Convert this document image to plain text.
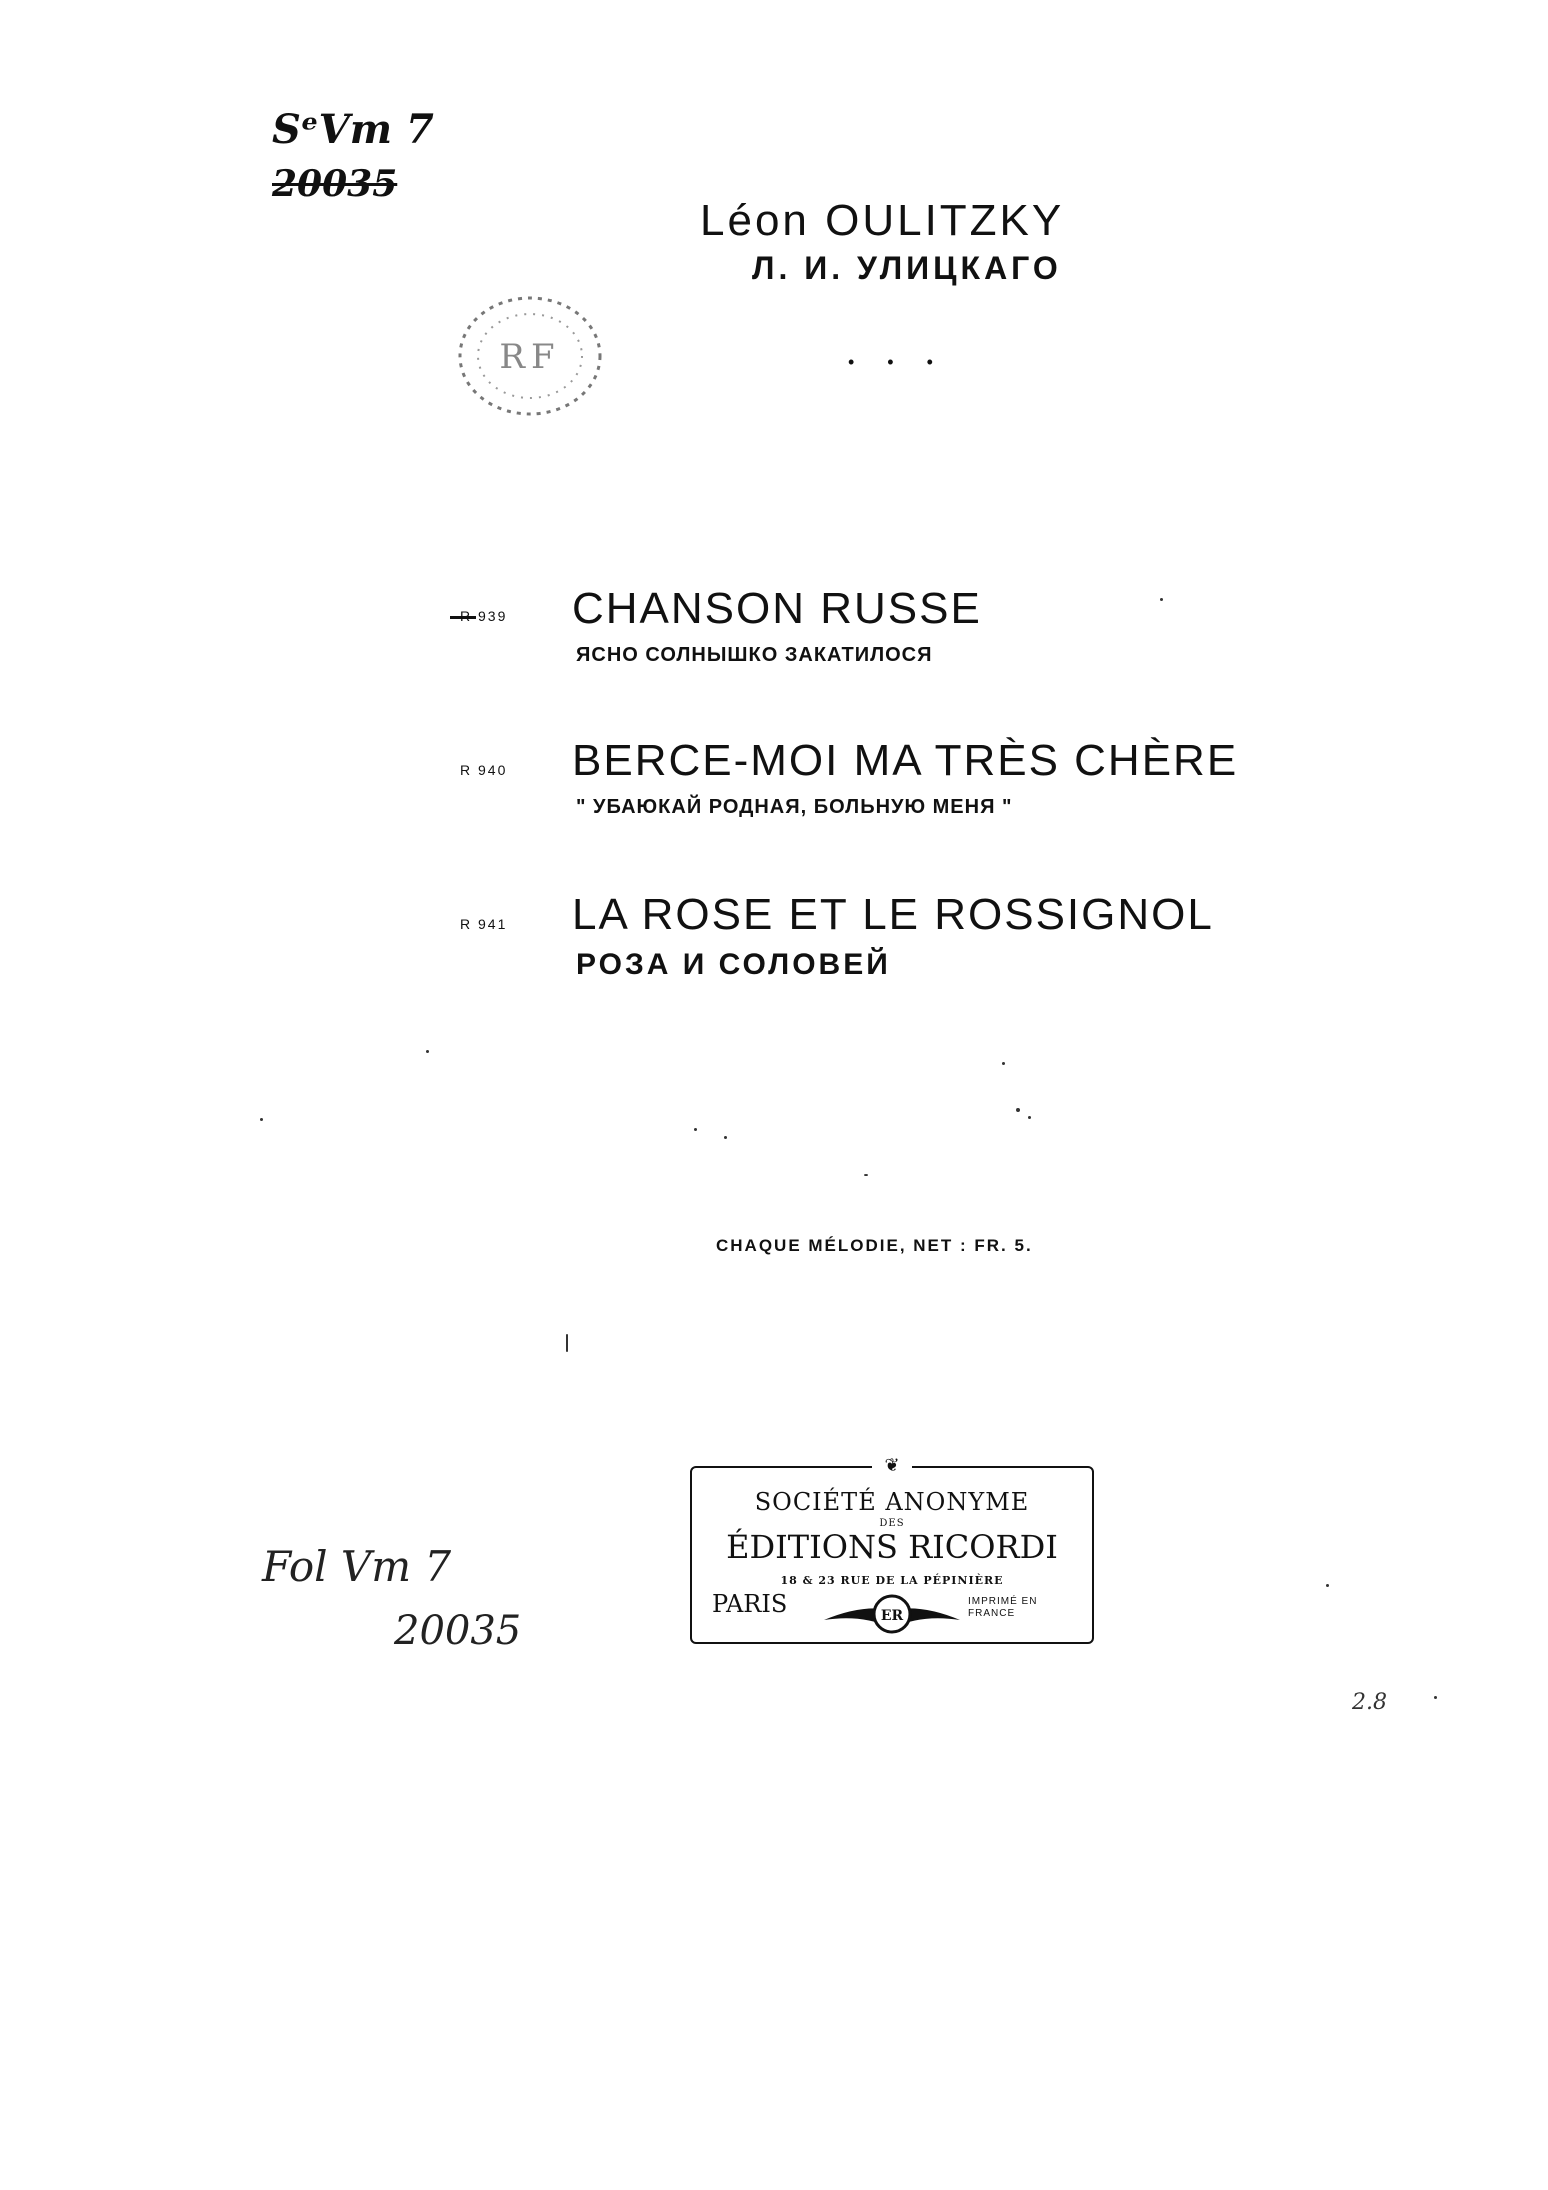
SᵉVm 7
20035
RF
Léon OULITZKY
Л. И. УЛИЦКАГО
• • •
R 939 CHANSON RUSSE
ЯСНО СОЛНЫШКО ЗАКАТИЛОСЯ
R 940 BERCE-MOI MA TRÈS CHÈRE
" УБАЮКАЙ РОДНАЯ, БОЛЬНУЮ МЕНЯ "
R 941 LA ROSE ET LE ROSSIGNOL
РОЗА И СОЛОВЕЙ
CHAQUE MÉLODIE, NET : FR. 5.
❦
SOCIÉTÉ ANONYME
DES
ÉDITIONS RICORDI
18 & 23 RUE DE LA PÉPINIÈRE
PARIS	ER
IMPRIMÉ EN FRANCE
Fol Vm 7
20035
2.8
